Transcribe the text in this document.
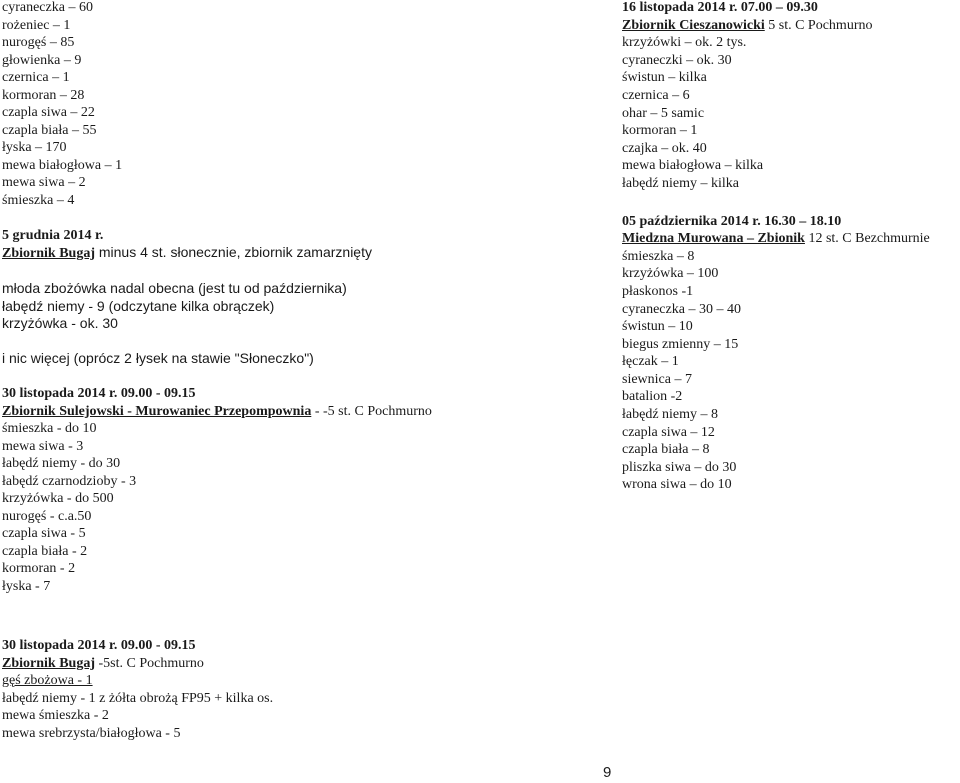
cyraneczka – 60
rożeniec – 1
nurogęś – 85
głowienka – 9
czernica – 1
kormoran – 28
czapla siwa – 22
czapla biała – 55
łyska – 170
mewa białogłowa – 1
mewa siwa – 2
śmieszka – 4
5 grudnia 2014 r.
Zbiornik Bugaj minus 4 st. słonecznie, zbiornik zamarznięty
młoda zbożówka nadal obecna (jest tu od października)
łabędź niemy - 9 (odczytane kilka obrączek)
krzyżówka - ok. 30
i nic więcej (oprócz 2 łysek na stawie "Słoneczko")
30 listopada 2014 r. 09.00 - 09.15
Zbiornik Sulejowski - Murowaniec Przepompownia - -5 st. C Pochmurno
śmieszka - do 10
mewa siwa - 3
łabędź niemy - do 30
łabędź czarnodzioby - 3
krzyżówka - do 500
nurogęś - c.a.50
czapla siwa - 5
czapla biała - 2
kormoran - 2
łyska - 7
30 listopada 2014 r. 09.00 - 09.15
Zbiornik Bugaj -5st. C Pochmurno
gęś zbożowa - 1
łabędź niemy - 1 z żółta obrożą FP95 + kilka os.
mewa śmieszka - 2
mewa srebrzysta/białogłowa - 5
16 listopada 2014 r. 07.00 – 09.30
Zbiornik Cieszanowicki 5 st. C Pochmurno
krzyżówki – ok. 2 tys.
cyraneczki – ok. 30
świstun – kilka
czernica – 6
ohar – 5 samic
kormoran – 1
czajka – ok. 40
mewa białogłowa – kilka
łabędź niemy – kilka
05 października 2014 r. 16.30 – 18.10
Miedzna Murowana – Zbionik 12 st. C Bezchmurnie
śmieszka – 8
krzyżówka – 100
płaskonos -1
cyraneczka – 30 – 40
świstun – 10
biegus zmienny – 15
łęczak – 1
siewnica – 7
batalion -2
łabędź niemy – 8
czapla siwa – 12
czapla biała – 8
pliszka siwa – do 30
wrona siwa – do 10
9
